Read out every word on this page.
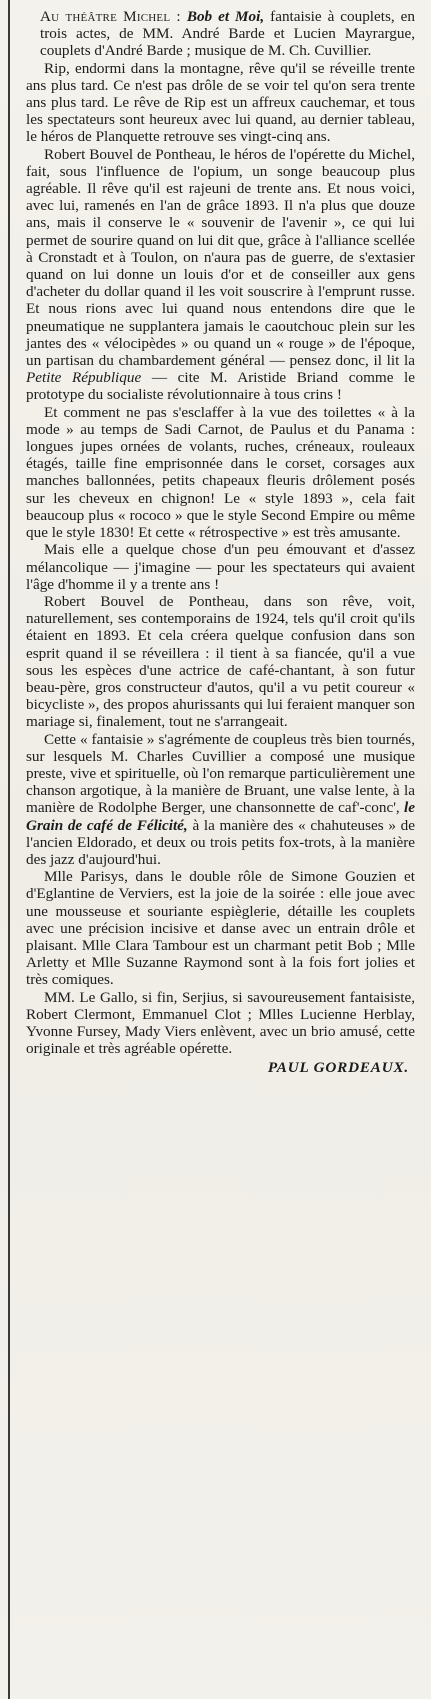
Au théâtre Michel : Bob et Moi, fantaisie à couplets, en trois actes, de MM. André Barde et Lucien Mayrargue, couplets d'André Barde ; musique de M. Ch. Cuvillier.

Rip, endormi dans la montagne, rêve qu'il se réveille trente ans plus tard. Ce n'est pas drôle de se voir tel qu'on sera trente ans plus tard. Le rêve de Rip est un affreux cauchemar, et tous les spectateurs sont heureux avec lui quand, au dernier tableau, le héros de Planquette retrouve ses vingt-cinq ans.

Robert Bouvel de Pontheau, le héros de l'opérette du Michel, fait, sous l'influence de l'opium, un songe beaucoup plus agréable. Il rêve qu'il est rajeuni de trente ans. Et nous voici, avec lui, ramenés en l'an de grâce 1893. Il n'a plus que douze ans, mais il conserve le « souvenir de l'avenir », ce qui lui permet de sourire quand on lui dit que, grâce à l'alliance scellée à Cronstadt et à Toulon, on n'aura pas de guerre, de s'extasier quand on lui donne un louis d'or et de conseiller aux gens d'acheter du dollar quand il les voit souscrire à l'emprunt russe. Et nous rions avec lui quand nous entendons dire que le pneumatique ne supplantera jamais le caoutchouc plein sur les jantes des « vélocipèdes » ou quand un « rouge » de l'époque, un partisan du chambardement général — pensez donc, il lit la Petite République — cite M. Aristide Briand comme le prototype du socialiste révolutionnaire à tous crins !

Et comment ne pas s'esclaffer à la vue des toilettes « à la mode » au temps de Sadi Carnot, de Paulus et du Panama : longues jupes ornées de volants, ruches, créneaux, rouleaux étagés, taille fine emprisonnée dans le corset, corsages aux manches ballonnées, petits chapeaux fleuris drôlement posés sur les cheveux en chignon! Le « style 1893 », cela fait beaucoup plus « rococo » que le style Second Empire ou même que le style 1830! Et cette « rétrospective » est très amusante.

Mais elle a quelque chose d'un peu émouvant et d'assez mélancolique — j'imagine — pour les spectateurs qui avaient l'âge d'homme il y a trente ans !

Robert Bouvel de Pontheau, dans son rêve, voit, naturellement, ses contemporains de 1924, tels qu'il croit qu'ils étaient en 1893. Et cela créera quelque confusion dans son esprit quand il se réveillera : il tient à sa fiancée, qu'il a vue sous les espèces d'une actrice de café-chantant, à son futur beau-père, gros constructeur d'autos, qu'il a vu petit coureur « bicycliste », des propos ahurissants qui lui feraient manquer son mariage si, finalement, tout ne s'arrangeait.

Cette « fantaisie » s'agrémente de coupleus très bien tournés, sur lesquels M. Charles Cuvillier a composé une musique preste, vive et spirituelle, où l'on remarque particulièrement une chanson argotique, à la manière de Bruant, une valse lente, à la manière de Rodolphe Berger, une chansonnette de caf'-conc', le Grain de café de Félicité, à la manière des « chahuteuses » de l'ancien Eldorado, et deux ou trois petits fox-trots, à la manière des jazz d'aujourd'hui.

Mlle Parisys, dans le double rôle de Simone Gouzien et d'Eglantine de Verviers, est la joie de la soirée : elle joue avec une mousseuse et souriante espièglerie, détaille les couplets avec une précision incisive et danse avec un entrain drôle et plaisant. Mlle Clara Tambour est un charmant petit Bob ; Mlle Arletty et Mlle Suzanne Raymond sont à la fois fort jolies et très comiques.

MM. Le Gallo, si fin, Serjius, si savoureusement fantaisiste, Robert Clermont, Emmanuel Clot ; Mlles Lucienne Herblay, Yvonne Fursey, Mady Viers enlèvent, avec un brio amusé, cette originale et très agréable opérette.

PAUL GORDEAUX.
